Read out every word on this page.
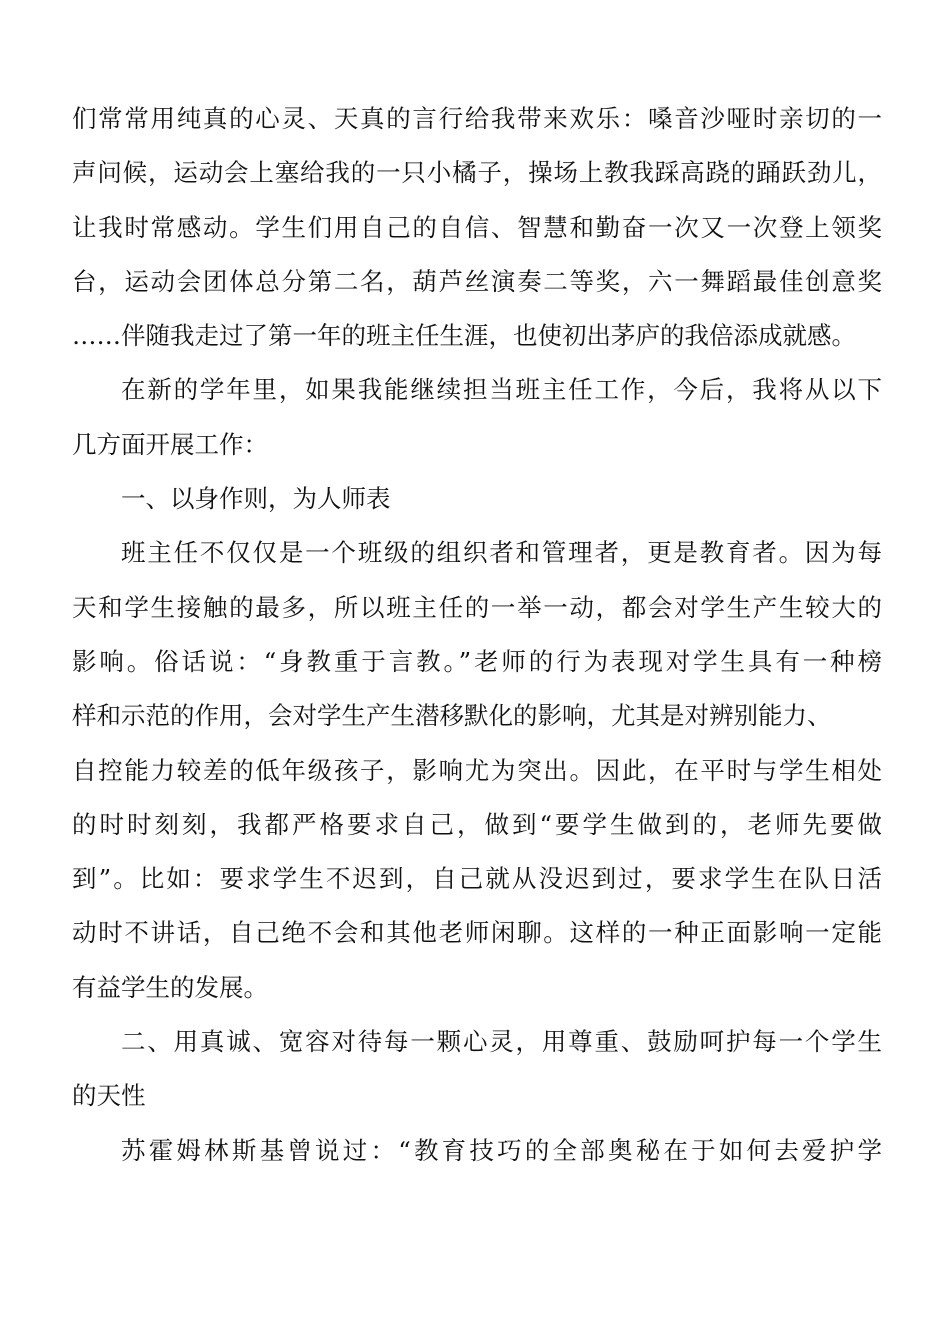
们常常用纯真的心灵、天真的言行给我带来欢乐：嗓音沙哑时亲切的一
声问候，运动会上塞给我的一只小橘子，操场上教我踩高跷的踊跃劲儿，
让我时常感动。学生们用自己的自信、智慧和勤奋一次又一次登上领奖
台，运动会团体总分第二名，葫芦丝演奏二等奖，六一舞蹈最佳创意奖
……伴随我走过了第一年的班主任生涯，也使初出茅庐的我倍添成就感。
在新的学年里，如果我能继续担当班主任工作，今后，我将从以下
几方面开展工作：
一、以身作则，为人师表
班主任不仅仅是一个班级的组织者和管理者，更是教育者。因为每
天和学生接触的最多，所以班主任的一举一动，都会对学生产生较大的
影响。俗话说：“身教重于言教。”老师的行为表现对学生具有一种榜
样和示范的作用，会对学生产生潜移默化的影响，尤其是对辨别能力、
自控能力较差的低年级孩子，影响尤为突出。因此，在平时与学生相处
的时时刻刻，我都严格要求自己，做到“要学生做到的，老师先要做
到”。比如：要求学生不迟到，自己就从没迟到过，要求学生在队日活
动时不讲话，自己绝不会和其他老师闲聊。这样的一种正面影响一定能
有益学生的发展。
二、用真诚、宽容对待每一颗心灵，用尊重、鼓励呵护每一个学生
的天性
苏霍姆林斯基曾说过：“教育技巧的全部奥秘在于如何去爱护学
